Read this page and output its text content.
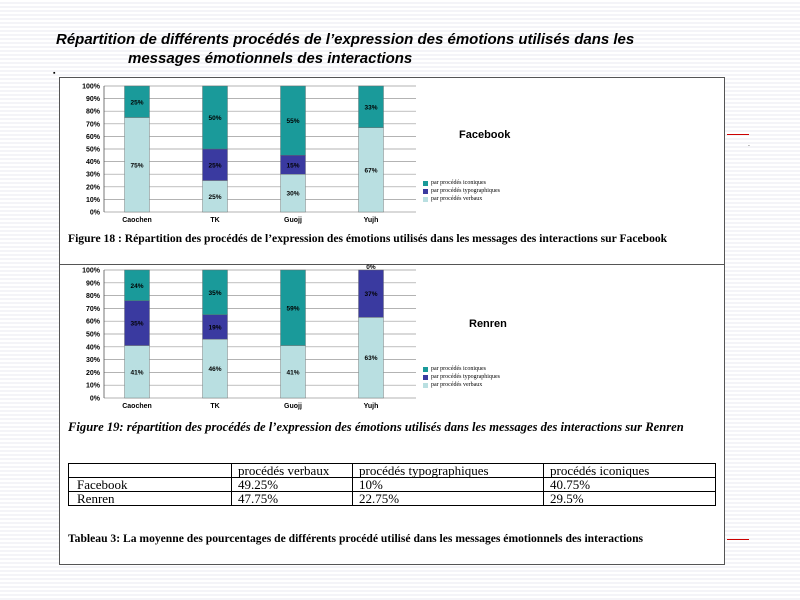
Répartition de différents procédés de l’expression des émotions utilisés dans les
messages émotionnels des interactions
▪
0%
10%
20%
30%
40%
50%
60%
70%
80%
90%
100%
75%
25%
Caochen
25%
25%
50%
TK
30%
15%
55%
Guojj
67%
33%
Yujh
Facebook
par procédés iconiques
par procédés typographiques
par procédés verbaux
Figure 18 : Répartition des procédés de l’expression des émotions utilisés dans les messages des interactions sur Facebook
0%
10%
20%
30%
40%
50%
60%
70%
80%
90%
100%
41%
35%
24%
Caochen
46%
19%
35%
TK
41%
59%
Guojj
63%
37%
0%
Yujh
Renren
par procédés iconiques
par procédés typographiques
par procédés verbaux
Figure 19: répartition des procédés de l’expression des émotions utilisés dans les messages des interactions sur Renren
	procédés verbaux	procédés typographiques	procédés iconiques
Facebook	49.25%	10%	40.75%
Renren	47.75%	22.75%	29.5%
Tableau 3: La moyenne des pourcentages de différents procédé utilisé dans les messages émotionnels des interactions
.
